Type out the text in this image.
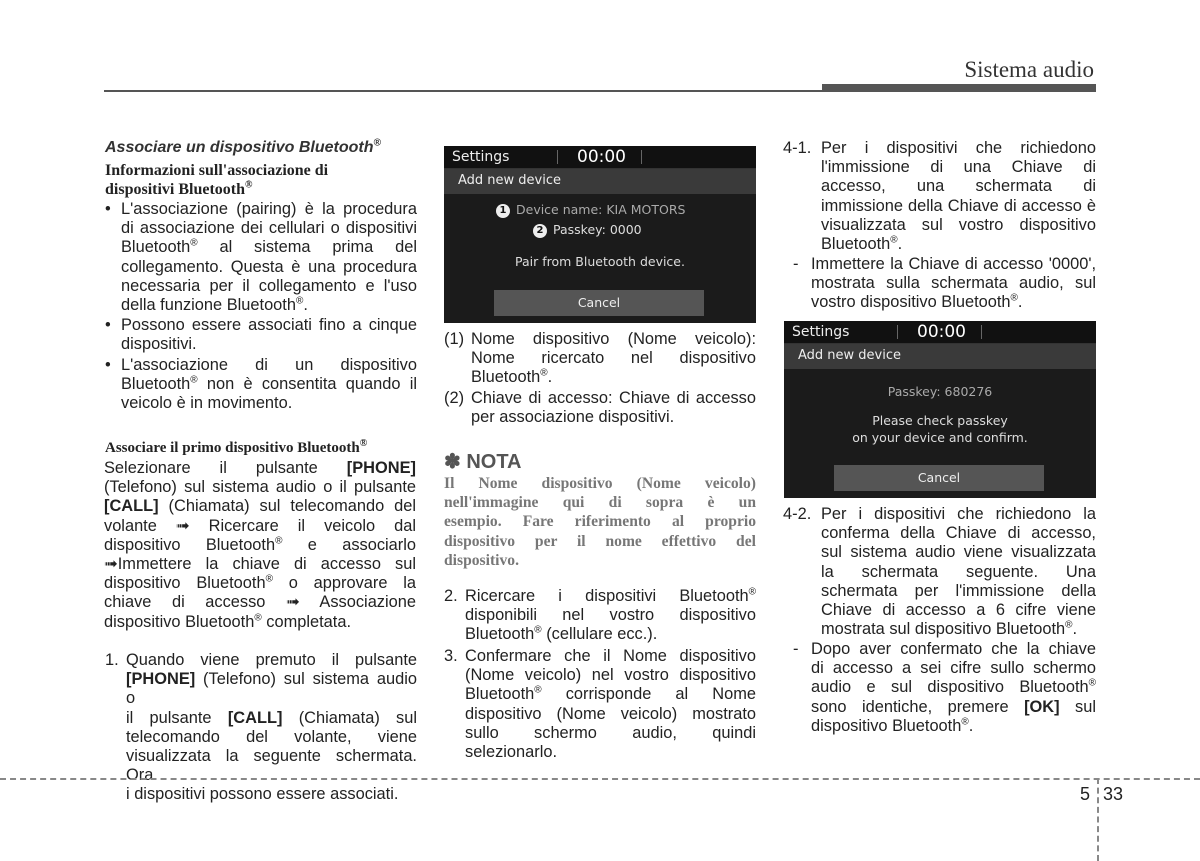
Sistema audio
Associare un dispositivo Bluetooth®
Informazioni sull'associazione di
dispositivi Bluetooth®
• L'associazione (pairing) è la procedura
di associazione dei cellulari o dispositivi
Bluetooth® al sistema prima del
collegamento. Questa è una procedura
necessaria per il collegamento e l'uso
della funzione Bluetooth®.
• Possono essere associati fino a cinque
dispositivi.
• L'associazione di un dispositivo
Bluetooth® non è consentita quando il
veicolo è in movimento.
Associare il primo dispositivo Bluetooth®
Selezionare il pulsante [PHONE]
(Telefono) sul sistema audio o il pulsante
[CALL] (Chiamata) sul telecomando del
volante ➟ Ricercare il veicolo dal
dispositivo Bluetooth® e associarlo
➟Immettere la chiave di accesso sul
dispositivo Bluetooth® o approvare la
chiave di accesso ➟ Associazione
dispositivo Bluetooth® completata.
1. Quando viene premuto il pulsante
[PHONE] (Telefono) sul sistema audio o
il pulsante [CALL] (Chiamata) sul
telecomando del volante, viene
visualizzata la seguente schermata. Ora
i dispositivi possono essere associati.
Settings	00:00
Add new device
1 Device name: KIA MOTORS
2 Passkey: 0000
Pair from Bluetooth device.
Cancel
(1) Nome dispositivo (Nome veicolo):
Nome ricercato nel dispositivo
Bluetooth®.
(2) Chiave di accesso: Chiave di accesso
per associazione dispositivi.
✽ NOTA
Il Nome dispositivo (Nome veicolo)
nell'immagine qui di sopra è un
esempio. Fare riferimento al proprio
dispositivo per il nome effettivo del
dispositivo.
2. Ricercare i dispositivi Bluetooth®
disponibili nel vostro dispositivo
Bluetooth® (cellulare ecc.).
3. Confermare che il Nome dispositivo
(Nome veicolo) nel vostro dispositivo
Bluetooth® corrisponde al Nome
dispositivo (Nome veicolo) mostrato
sullo schermo audio, quindi
selezionarlo.
4-1. Per i dispositivi che richiedono
l'immissione di una Chiave di
accesso, una schermata di
immissione della Chiave di accesso è
visualizzata sul vostro dispositivo
Bluetooth®.
- Immettere la Chiave di accesso '0000',
mostrata sulla schermata audio, sul
vostro dispositivo Bluetooth®.
Settings	00:00
Add new device
Passkey: 680276
Please check passkey
on your device and confirm.
Cancel
4-2. Per i dispositivi che richiedono la
conferma della Chiave di accesso,
sul sistema audio viene visualizzata
la schermata seguente. Una
schermata per l'immissione della
Chiave di accesso a 6 cifre viene
mostrata sul dispositivo Bluetooth®.
- Dopo aver confermato che la chiave
di accesso a sei cifre sullo schermo
audio e sul dispositivo Bluetooth®
sono identiche, premere [OK] sul
dispositivo Bluetooth®.
5 33
